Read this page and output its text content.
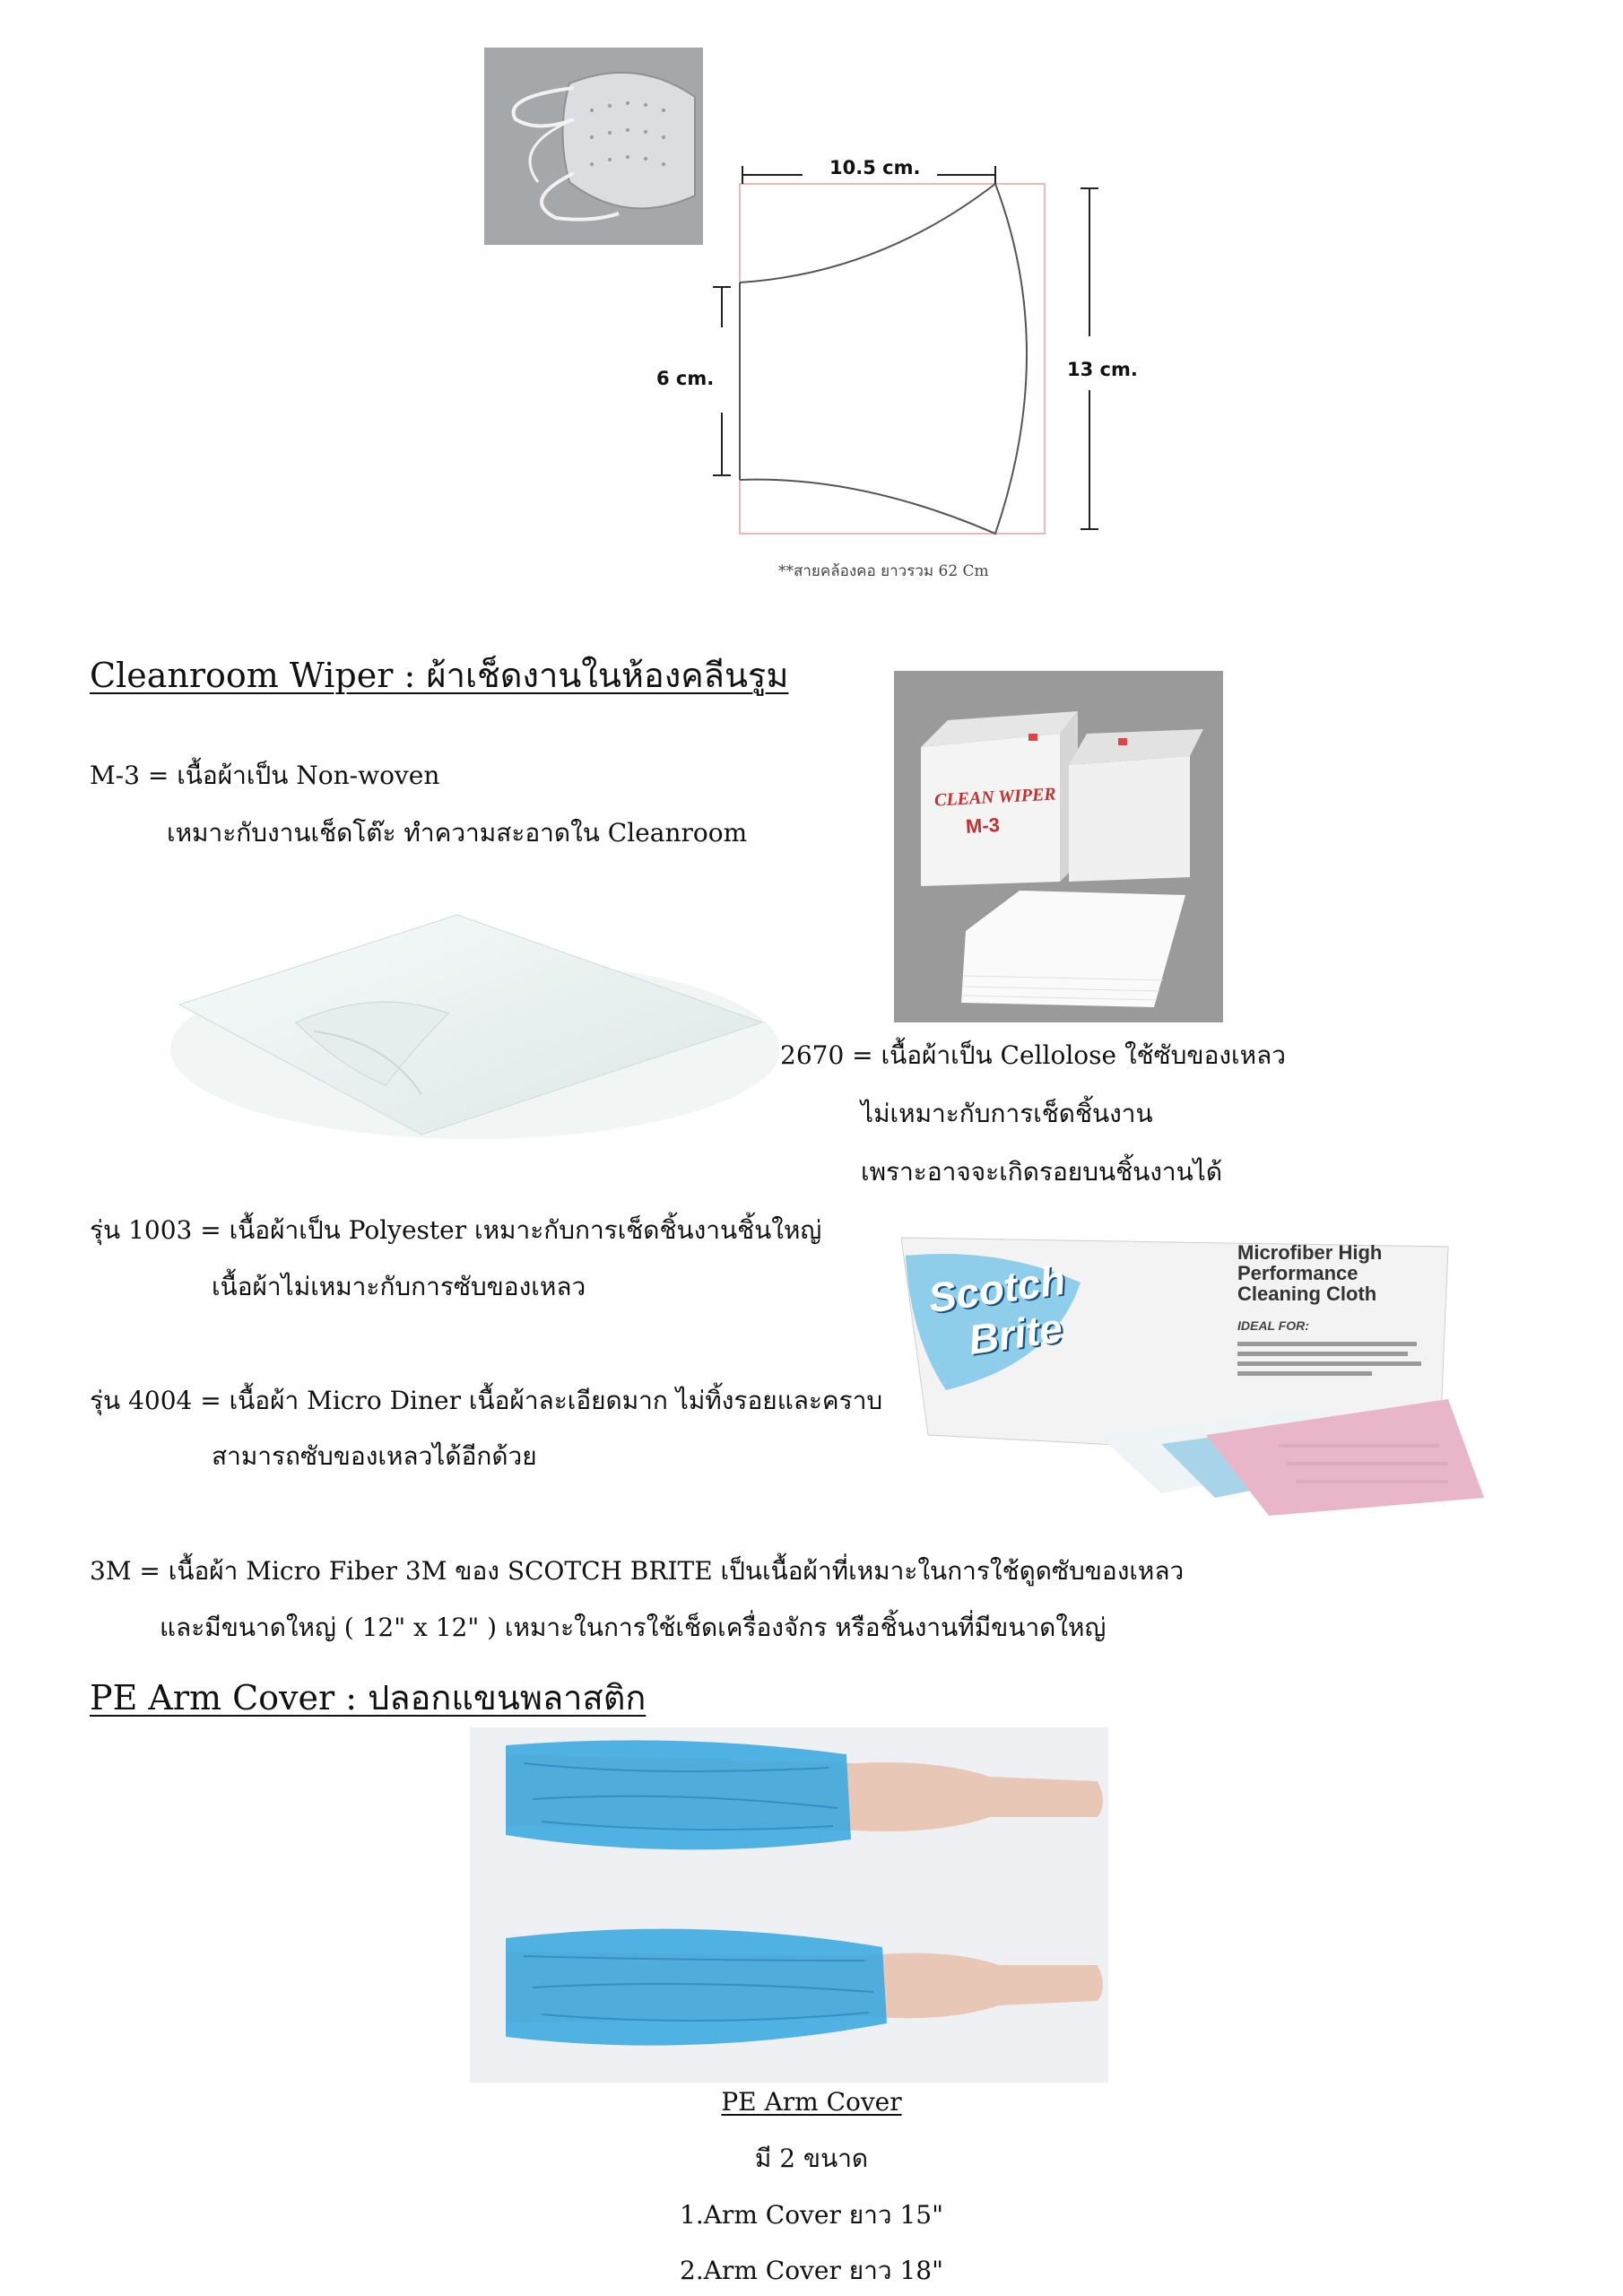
10.5 cm.
6 cm.	13 cm.
**สายคล้องคอ ยาวรวม 62 Cm
Cleanroom Wiper : ผ้าเช็ดงานในห้องคลีนรูม
M-3 = เนื้อผ้าเป็น Non-woven
เหมาะกับงานเช็ดโต๊ะ ทำความสะอาดใน Cleanroom
CLEAN WIPER
M-3
2670 = เนื้อผ้าเป็น Cellolose ใช้ซับของเหลว
ไม่เหมาะกับการเช็ดชิ้นงาน
เพราะอาจจะเกิดรอยบนชิ้นงานได้
รุ่น 1003 = เนื้อผ้าเป็น Polyester เหมาะกับการเช็ดชิ้นงานชิ้นใหญ่
เนื้อผ้าไม่เหมาะกับการซับของเหลว	Scotch
Brite
Microfiber High Performance Cleaning Cloth
IDEAL FOR:
รุ่น 4004 = เนื้อผ้า Micro Diner เนื้อผ้าละเอียดมาก ไม่ทิ้งรอยและคราบ
สามารถซับของเหลวได้อีกด้วย
3M = เนื้อผ้า Micro Fiber 3M ของ SCOTCH BRITE เป็นเนื้อผ้าที่เหมาะในการใช้ดูดซับของเหลว
และมีขนาดใหญ่ ( 12" x 12" ) เหมาะในการใช้เช็ดเครื่องจักร หรือชิ้นงานที่มีขนาดใหญ่
PE Arm Cover : ปลอกแขนพลาสติก
PE Arm Cover
มี 2 ขนาด
1.Arm Cover ยาว 15"
2.Arm Cover ยาว 18"
